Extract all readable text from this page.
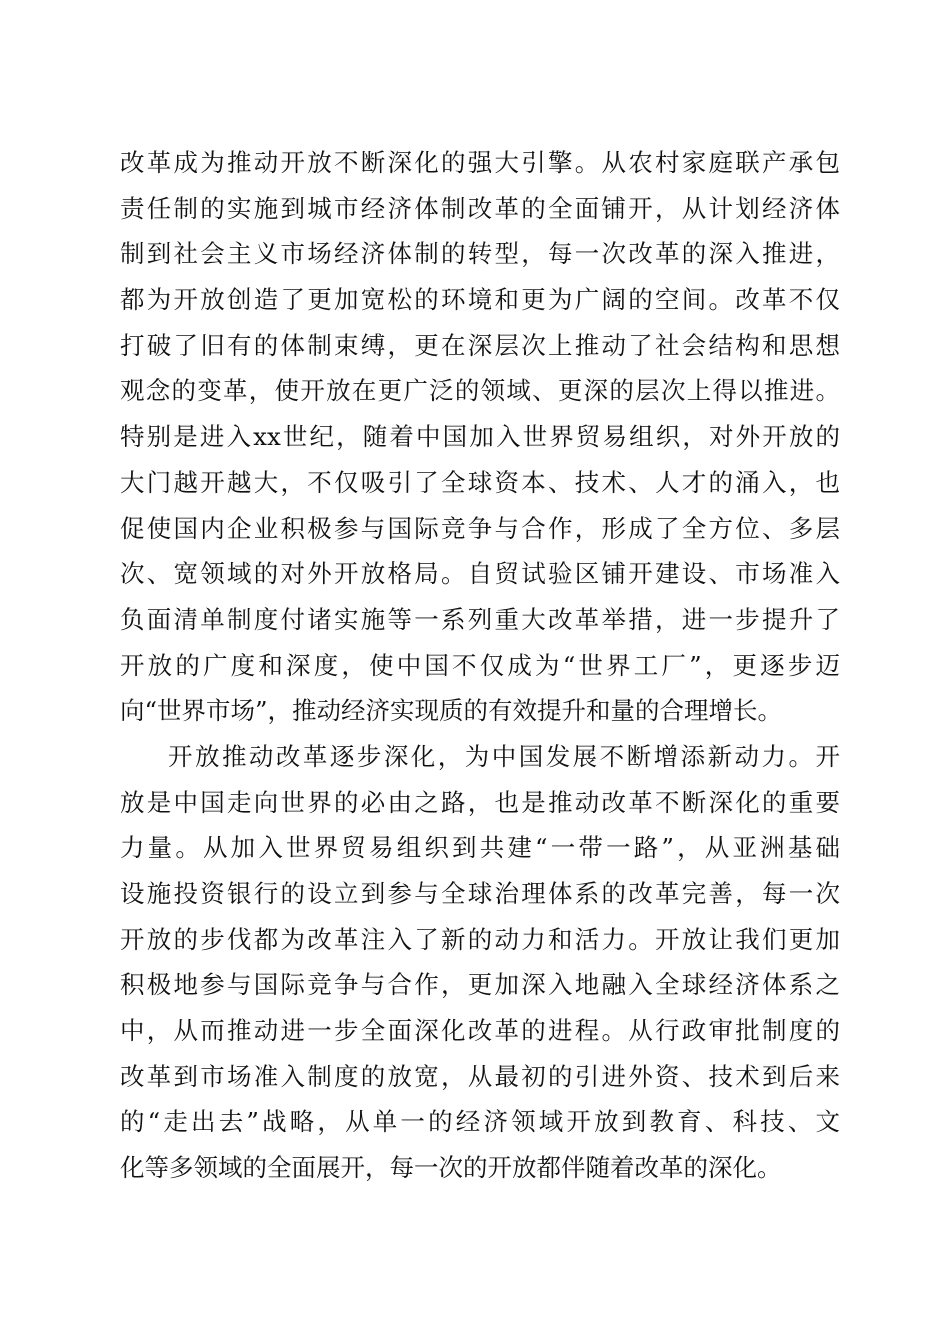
改革成为推动开放不断深化的强大引擎。从农村家庭联产承包
责任制的实施到城市经济体制改革的全面铺开，从计划经济体
制到社会主义市场经济体制的转型，每一次改革的深入推进，
都为开放创造了更加宽松的环境和更为广阔的空间。改革不仅
打破了旧有的体制束缚，更在深层次上推动了社会结构和思想
观念的变革，使开放在更广泛的领域、更深的层次上得以推进。
特别是进入xx世纪，随着中国加入世界贸易组织，对外开放的
大门越开越大，不仅吸引了全球资本、技术、人才的涌入，也
促使国内企业积极参与国际竞争与合作，形成了全方位、多层
次、宽领域的对外开放格局。自贸试验区铺开建设、市场准入
负面清单制度付诸实施等一系列重大改革举措，进一步提升了
开放的广度和深度，使中国不仅成为“世界工厂”，更逐步迈
向“世界市场”，推动经济实现质的有效提升和量的合理增长。
开放推动改革逐步深化，为中国发展不断增添新动力。开
放是中国走向世界的必由之路，也是推动改革不断深化的重要
力量。从加入世界贸易组织到共建“一带一路”，从亚洲基础
设施投资银行的设立到参与全球治理体系的改革完善，每一次
开放的步伐都为改革注入了新的动力和活力。开放让我们更加
积极地参与国际竞争与合作，更加深入地融入全球经济体系之
中，从而推动进一步全面深化改革的进程。从行政审批制度的
改革到市场准入制度的放宽，从最初的引进外资、技术到后来
的“走出去”战略，从单一的经济领域开放到教育、科技、文
化等多领域的全面展开，每一次的开放都伴随着改革的深化。
